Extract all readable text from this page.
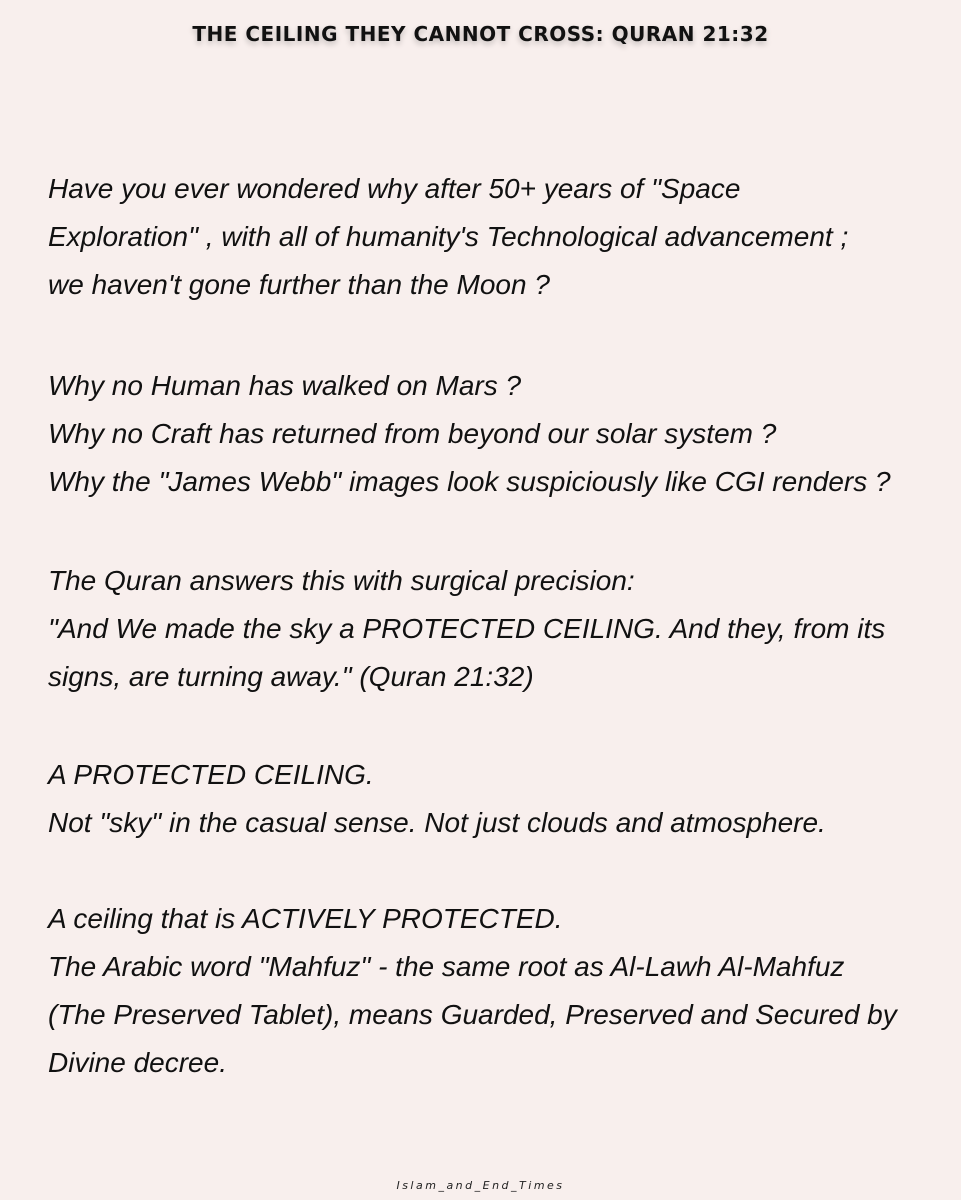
THE CEILING THEY CANNOT CROSS: QURAN 21:32
Have you ever wondered why after 50+ years of "Space
Exploration" , with all of humanity's Technological advancement ;
we haven't gone further than the Moon ?
Why no Human has walked on Mars ?
Why no Craft has returned from beyond our solar system ?
Why the "James Webb" images look suspiciously like CGI renders ?
The Quran answers this with surgical precision:
"And We made the sky a PROTECTED CEILING. And they, from its
signs, are turning away." (Quran 21:32)
A PROTECTED CEILING.
Not "sky" in the casual sense. Not just clouds and atmosphere.
A ceiling that is ACTIVELY PROTECTED.
The Arabic word "Mahfuz" - the same root as Al-Lawh Al-Mahfuz
(The Preserved Tablet), means Guarded, Preserved and Secured by
Divine decree.
Islam_and_End_Times
